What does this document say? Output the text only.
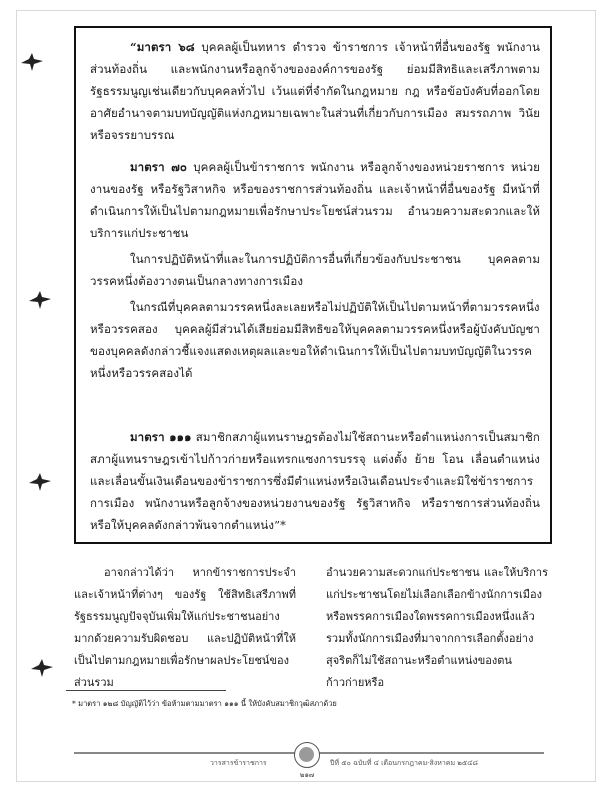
“มาตรา ๖๘ บุคคลผู้เป็นทหาร ตำรวจ ข้าราชการ เจ้าหน้าที่อื่นของรัฐ พนักงานส่วนท้องถิ่น และพนักงานหรือลูกจ้างขององค์การของรัฐ ย่อมมีสิทธิและเสรีภาพตามรัฐธรรมนูญเช่นเดียวกับบุคคลทั่วไป เว้นแต่ที่จำกัดในกฎหมาย กฎ หรือข้อบังคับที่ออกโดยอาศัยอำนาจตามบทบัญญัติแห่งกฎหมายเฉพาะในส่วนที่เกี่ยวกับการเมือง สมรรถภาพ วินัย หรือจรรยาบรรณ
มาตรา ๗๐ บุคคลผู้เป็นข้าราชการ พนักงาน หรือลูกจ้างของหน่วยราชการ หน่วยงานของรัฐ หรือรัฐวิสาหกิจ หรือของราชการส่วนท้องถิ่น และเจ้าหน้าที่อื่นของรัฐ มีหน้าที่ดำเนินการให้เป็นไปตามกฎหมายเพื่อรักษาประโยชน์ส่วนรวม อำนวยความสะดวกและให้บริการแก่ประชาชน
ในการปฏิบัติหน้าที่และในการปฏิบัติการอื่นที่เกี่ยวข้องกับประชาชน บุคคลตามวรรคหนึ่งต้องวางตนเป็นกลางทางการเมือง
ในกรณีที่บุคคลตามวรรคหนึ่งละเลยหรือไม่ปฏิบัติให้เป็นไปตามหน้าที่ตามวรรคหนึ่งหรือวรรคสอง บุคคลผู้มีส่วนได้เสียย่อมมีสิทธิขอให้บุคคลตามวรรคหนึ่งหรือผู้บังคับบัญชาของบุคคลดังกล่าวชี้แจงแสดงเหตุผลและขอให้ดำเนินการให้เป็นไปตามบทบัญญัติในวรรคหนึ่งหรือวรรคสองได้
มาตรา ๑๑๑ สมาชิกสภาผู้แทนราษฎรต้องไม่ใช้สถานะหรือตำแหน่งการเป็นสมาชิกสภาผู้แทนราษฎรเข้าไปก้าวก่ายหรือแทรกแซงการบรรจุ แต่งตั้ง ย้าย โอน เลื่อนตำแหน่ง และเลื่อนขั้นเงินเดือนของข้าราชการซึ่งมีตำแหน่งหรือเงินเดือนประจำและมิใช่ข้าราชการการเมือง พนักงานหรือลูกจ้างของหน่วยงานของรัฐ รัฐวิสาหกิจ หรือราชการส่วนท้องถิ่น หรือให้บุคคลดังกล่าวพ้นจากตำแหน่ง”*
อาจกล่าวได้ว่า หากข้าราชการประจำและเจ้าหน้าที่ต่างๆ ของรัฐ ใช้สิทธิเสรีภาพที่รัฐธรรมนูญปัจจุบันเพิ่มให้แก่ประชาชนอย่างมากด้วยความรับผิดชอบ และปฏิบัติหน้าที่ให้เป็นไปตามกฎหมายเพื่อรักษาผลประโยชน์ของส่วนรวม
อำนวยความสะดวกแก่ประชาชน และให้บริการแก่ประชาชนโดยไม่เลือกเลือกข้างนักการเมืองหรือพรรคการเมืองใดพรรคการเมืองหนึ่งแล้ว รวมทั้งนักการเมืองที่มาจากการเลือกตั้งอย่างสุจริตก็ไม่ใช้สถานะหรือตำแหน่งของตนก้าวก่ายหรือ
* มาตรา ๑๒๘ บัญญัติไว้ว่า ข้อห้ามตามมาตรา ๑๑๑ นี้ ให้บังคับสมาชิกวุฒิสภาด้วย
วารสารข้าราชการ
๒๑๗
ปีที่ ๕๐ ฉบับที่ ๔ เดือนกรกฎาคม-สิงหาคม ๒๕๔๘
